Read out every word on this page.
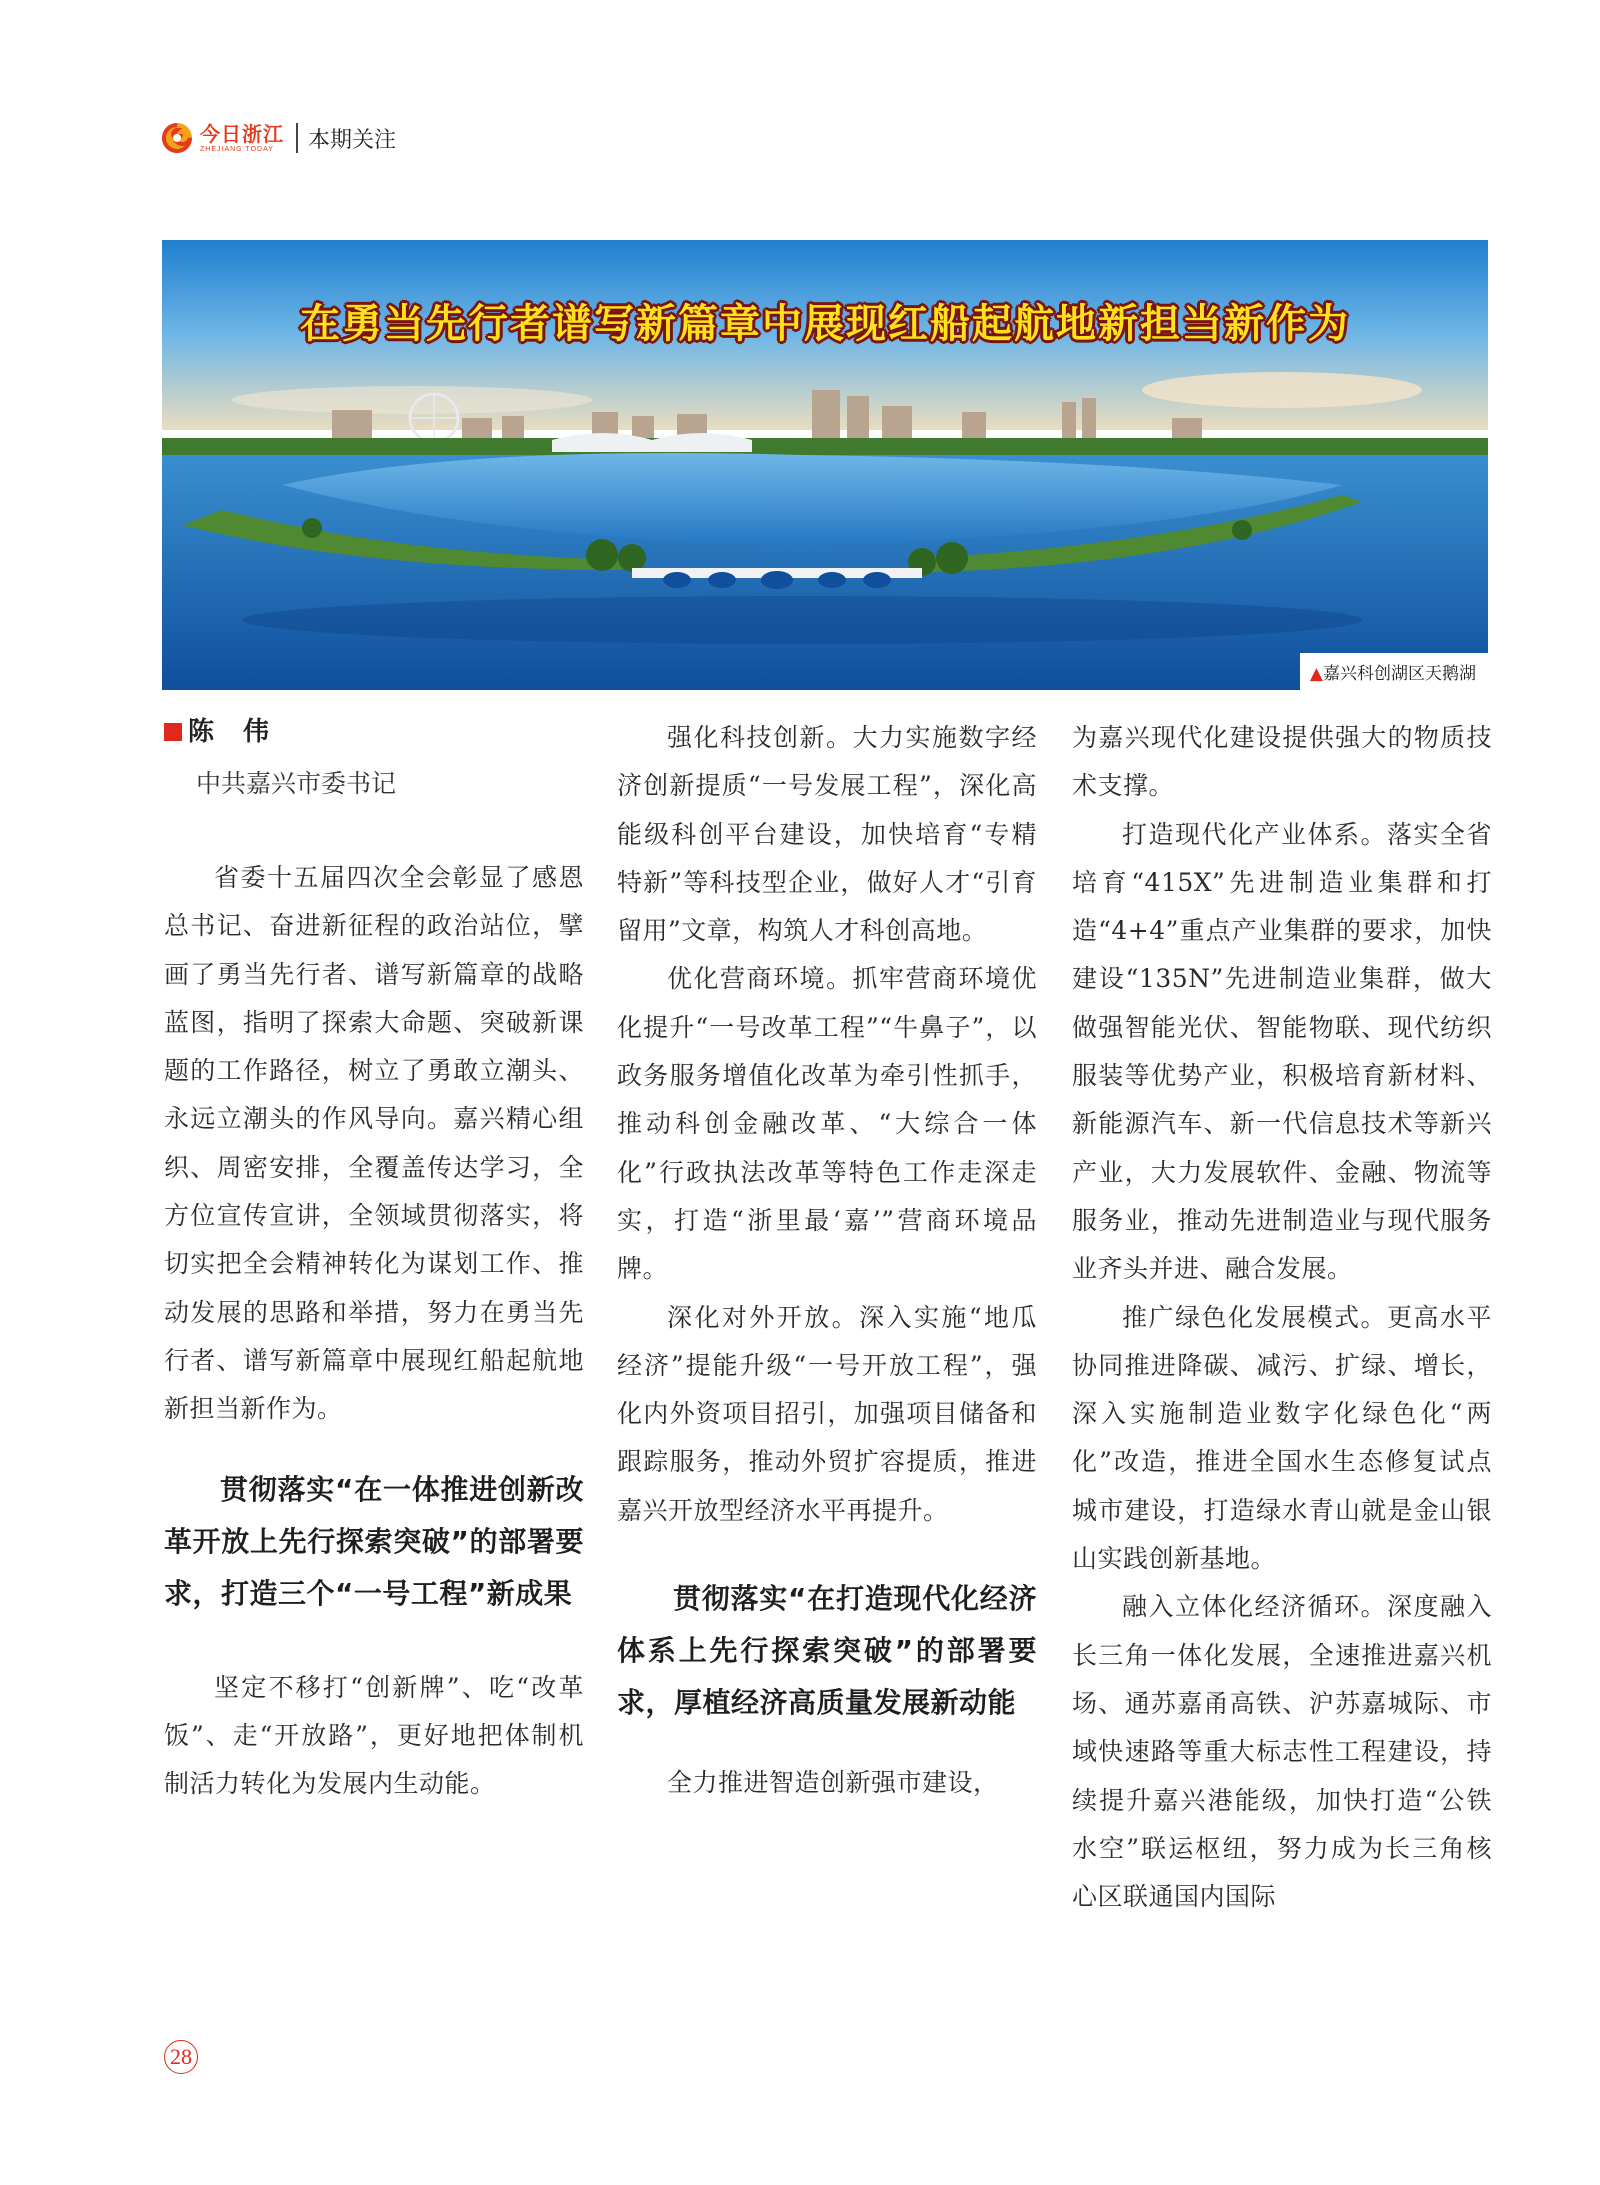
今日浙江
ZHEJIANG TODAY	本期关注
在勇当先行者谱写新篇章中展现红船起航地新担当新作为
▲嘉兴科创湖区天鹅湖
陈 伟
中共嘉兴市委书记

省委十五届四次全会彰显了感恩总书记、奋进新征程的政治站位，擘画了勇当先行者、谱写新篇章的战略蓝图，指明了探索大命题、突破新课题的工作路径，树立了勇敢立潮头、永远立潮头的作风导向。嘉兴精心组织、周密安排，全覆盖传达学习，全方位宣传宣讲，全领域贯彻落实，将切实把全会精神转化为谋划工作、推动发展的思路和举措，努力在勇当先行者、谱写新篇章中展现红船起航地新担当新作为。

贯彻落实“在一体推进创新改革开放上先行探索突破”的部署要求，打造三个“一号工程”新成果

坚定不移打“创新牌”、吃“改革饭”、走“开放路”，更好地把体制机制活力转化为发展内生动能。

强化科技创新。大力实施数字经济创新提质“一号发展工程”，深化高能级科创平台建设，加快培育“专精特新”等科技型企业，做好人才“引育留用”文章，构筑人才科创高地。

优化营商环境。抓牢营商环境优化提升“一号改革工程”“牛鼻子”，以政务服务增值化改革为牵引性抓手，推动科创金融改革、“大综合一体化”行政执法改革等特色工作走深走实，打造“浙里最‘嘉’”营商环境品牌。

深化对外开放。深入实施“地瓜经济”提能升级“一号开放工程”，强化内外资项目招引，加强项目储备和跟踪服务，推动外贸扩容提质，推进嘉兴开放型经济水平再提升。

贯彻落实“在打造现代化经济体系上先行探索突破”的部署要求，厚植经济高质量发展新动能

全力推进智造创新强市建设，

为嘉兴现代化建设提供强大的物质技术支撑。

打造现代化产业体系。落实全省培育“415X”先进制造业集群和打造“4+4”重点产业集群的要求，加快建设“135N”先进制造业集群，做大做强智能光伏、智能物联、现代纺织服装等优势产业，积极培育新材料、新能源汽车、新一代信息技术等新兴产业，大力发展软件、金融、物流等服务业，推动先进制造业与现代服务业齐头并进、融合发展。

推广绿色化发展模式。更高水平协同推进降碳、减污、扩绿、增长，深入实施制造业数字化绿色化“两化”改造，推进全国水生态修复试点城市建设，打造绿水青山就是金山银山实践创新基地。

融入立体化经济循环。深度融入长三角一体化发展，全速推进嘉兴机场、通苏嘉甬高铁、沪苏嘉城际、市域快速路等重大标志性工程建设，持续提升嘉兴港能级，加快打造“公铁水空”联运枢纽，努力成为长三角核心区联通国内国际

28
